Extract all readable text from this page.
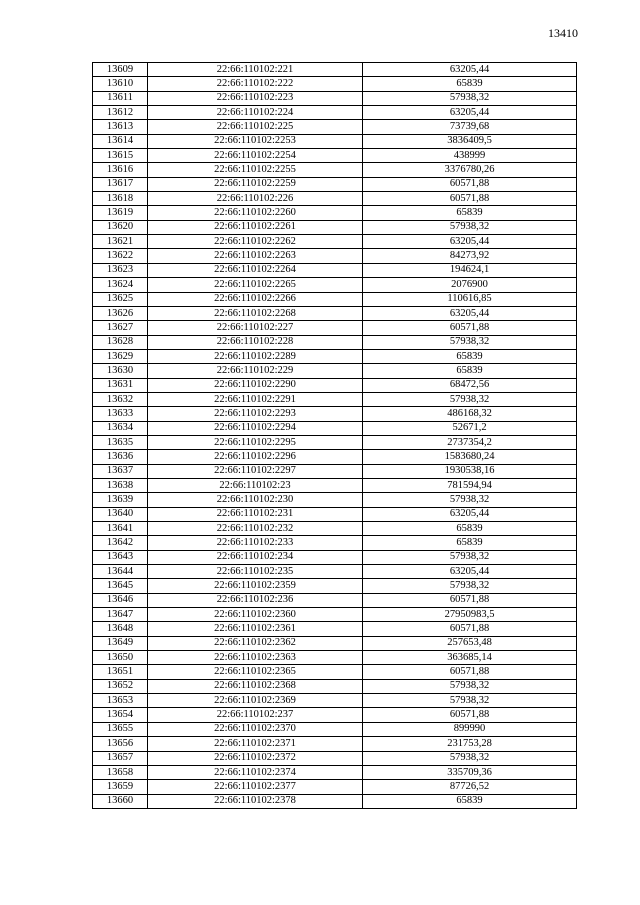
13410
13609	22:66:110102:221	63205,44
13610	22:66:110102:222	65839
13611	22:66:110102:223	57938,32
13612	22:66:110102:224	63205,44
13613	22:66:110102:225	73739,68
13614	22:66:110102:2253	3836409,5
13615	22:66:110102:2254	438999
13616	22:66:110102:2255	3376780,26
13617	22:66:110102:2259	60571,88
13618	22:66:110102:226	60571,88
13619	22:66:110102:2260	65839
13620	22:66:110102:2261	57938,32
13621	22:66:110102:2262	63205,44
13622	22:66:110102:2263	84273,92
13623	22:66:110102:2264	194624,1
13624	22:66:110102:2265	2076900
13625	22:66:110102:2266	110616,85
13626	22:66:110102:2268	63205,44
13627	22:66:110102:227	60571,88
13628	22:66:110102:228	57938,32
13629	22:66:110102:2289	65839
13630	22:66:110102:229	65839
13631	22:66:110102:2290	68472,56
13632	22:66:110102:2291	57938,32
13633	22:66:110102:2293	486168,32
13634	22:66:110102:2294	52671,2
13635	22:66:110102:2295	2737354,2
13636	22:66:110102:2296	1583680,24
13637	22:66:110102:2297	1930538,16
13638	22:66:110102:23	781594,94
13639	22:66:110102:230	57938,32
13640	22:66:110102:231	63205,44
13641	22:66:110102:232	65839
13642	22:66:110102:233	65839
13643	22:66:110102:234	57938,32
13644	22:66:110102:235	63205,44
13645	22:66:110102:2359	57938,32
13646	22:66:110102:236	60571,88
13647	22:66:110102:2360	27950983,5
13648	22:66:110102:2361	60571,88
13649	22:66:110102:2362	257653,48
13650	22:66:110102:2363	363685,14
13651	22:66:110102:2365	60571,88
13652	22:66:110102:2368	57938,32
13653	22:66:110102:2369	57938,32
13654	22:66:110102:237	60571,88
13655	22:66:110102:2370	899990
13656	22:66:110102:2371	231753,28
13657	22:66:110102:2372	57938,32
13658	22:66:110102:2374	335709,36
13659	22:66:110102:2377	87726,52
13660	22:66:110102:2378	65839
